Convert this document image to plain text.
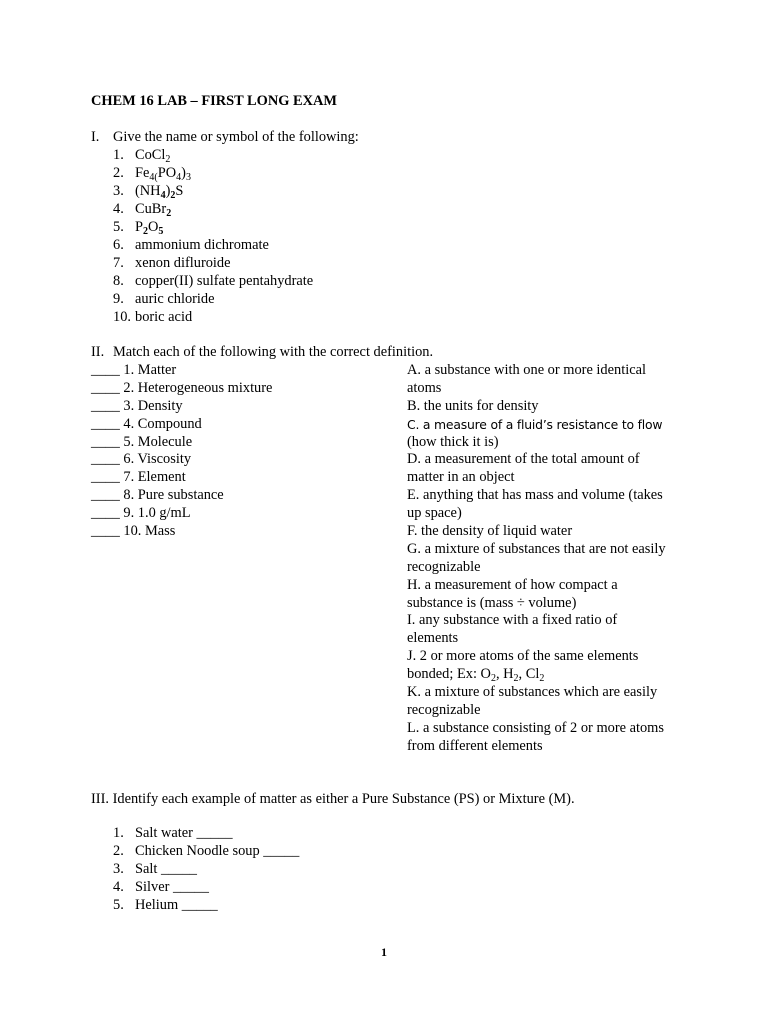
CHEM 16 LAB – FIRST LONG EXAM
I. Give the name or symbol of the following:
1. CoCl$_2$
2. $Fe_{4(}PO_4)_3$
3. $(NH_4)_2S$
4. CuBr$_2$
5. $P_2O_5$
6. ammonium dichromate
7. xenon difluroide
8. copper(II) sulfate pentahydrate
9. auric chloride
10. boric acid
II. Match each of the following with the correct definition.
____ 1. Matter
____ 2. Heterogeneous mixture
____ 3. Density
____ 4. Compound
____ 5. Molecule
____ 6. Viscosity
____ 7. Element
____ 8. Pure substance
____ 9. 1.0 g/mL
____ 10. Mass
A. a substance with one or more identical
atoms
B. the units for density
C. a measure of a fluid’s resistance to flow
(how thick it is)
D. a measurement of the total amount of
matter in an object
E. anything that has mass and volume (takes
up space)
F. the density of liquid water
G. a mixture of substances that are not easily
recognizable
H. a measurement of how compact a
substance is (mass ÷ volume)
I. any substance with a fixed ratio of
elements
J. 2 or more atoms of the same elements
bonded; Ex: $O_2$, $H_2$, $Cl_2$
K. a mixture of substances which are easily
recognizable
L. a substance consisting of 2 or more atoms
from different elements
III. Identify each example of matter as either a Pure Substance (PS) or Mixture (M).
1. Salt water _____
2. Chicken Noodle soup _____
3. Salt _____
4. Silver _____
5. Helium _____
1
